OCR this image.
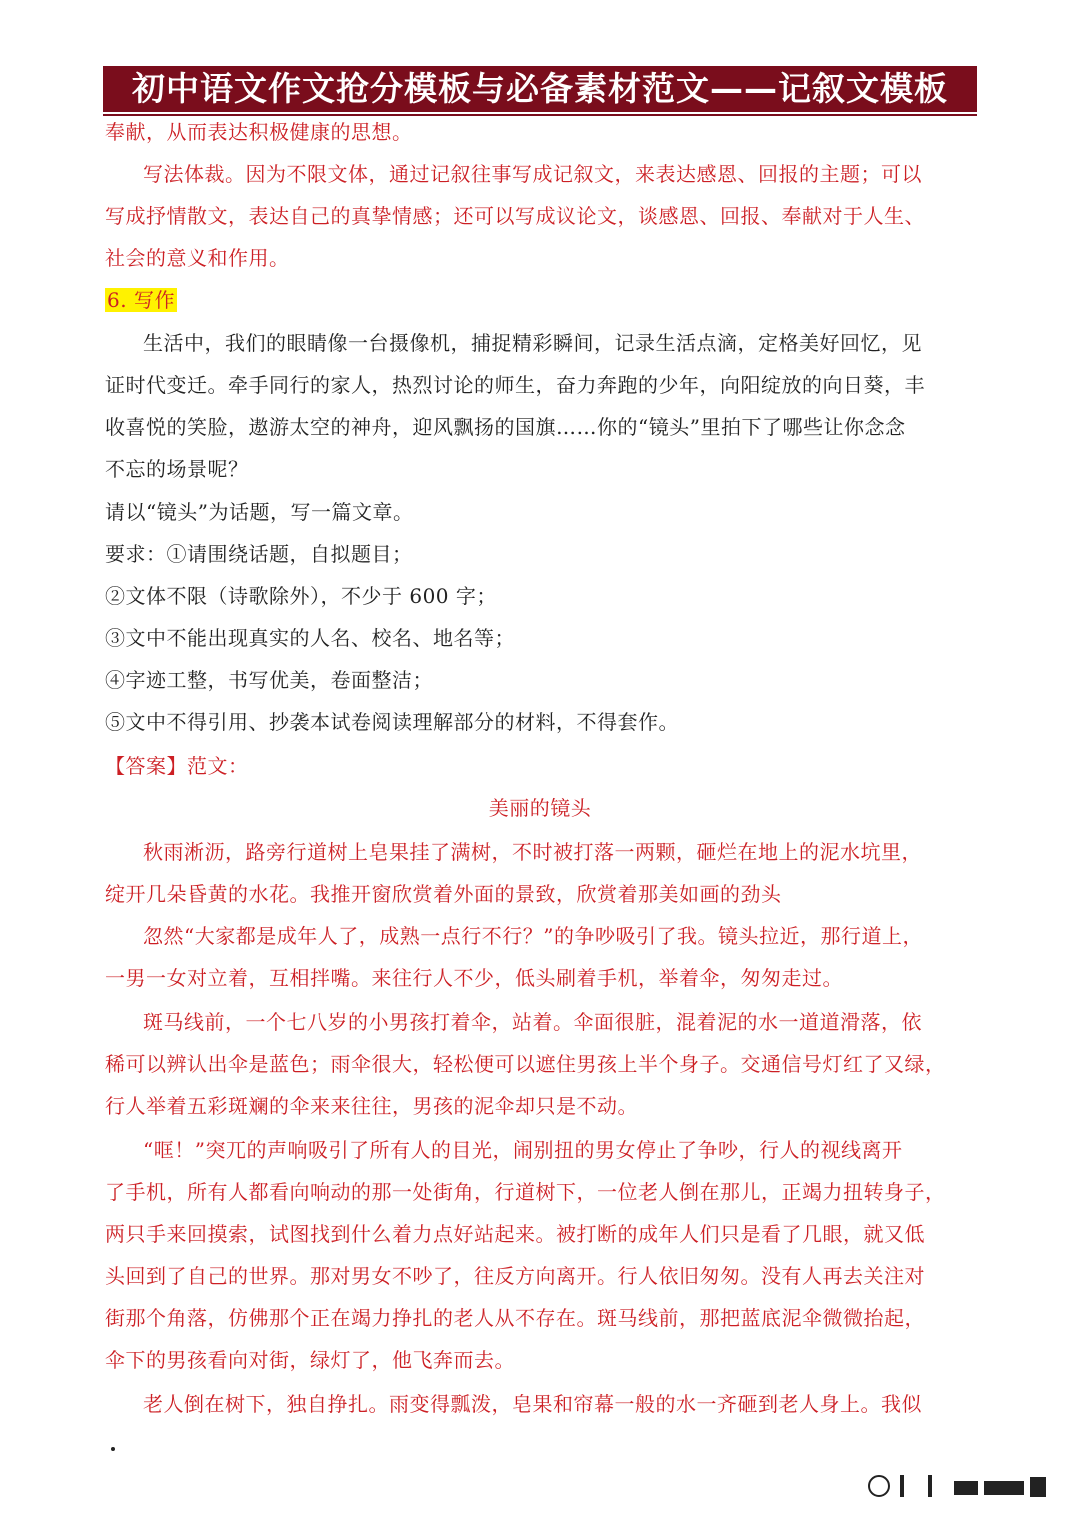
初中语文作文抢分模板与必备素材范文——记叙文模板

奉献，从而表达积极健康的思想。

写法体裁。因为不限文体，通过记叙往事写成记叙文，来表达感恩、回报的主题；可以

写成抒情散文，表达自己的真挚情感；还可以写成议论文，谈感恩、回报、奉献对于人生、

社会的意义和作用。

6. 写作

生活中，我们的眼睛像一台摄像机，捕捉精彩瞬间，记录生活点滴，定格美好回忆，见

证时代变迁。牵手同行的家人，热烈讨论的师生，奋力奔跑的少年，向阳绽放的向日葵，丰

收喜悦的笑脸，遨游太空的神舟，迎风飘扬的国旗……你的“镜头”里拍下了哪些让你念念

不忘的场景呢？

请以“镜头”为话题，写一篇文章。

要求：①请围绕话题，自拟题目；

②文体不限（诗歌除外），不少于 600 字；

③文中不能出现真实的人名、校名、地名等；

④字迹工整，书写优美，卷面整洁；

⑤文中不得引用、抄袭本试卷阅读理解部分的材料，不得套作。

【答案】范文：

美丽的镜头

秋雨淅沥，路旁行道树上皂果挂了满树，不时被打落一两颗，砸烂在地上的泥水坑里，

绽开几朵昏黄的水花。我推开窗欣赏着外面的景致，欣赏着那美如画的劲头

忽然“大家都是成年人了，成熟一点行不行？”的争吵吸引了我。镜头拉近，那行道上，

一男一女对立着，互相拌嘴。来往行人不少，低头刷着手机，举着伞，匆匆走过。

斑马线前，一个七八岁的小男孩打着伞，站着。伞面很脏，混着泥的水一道道滑落，依

稀可以辨认出伞是蓝色；雨伞很大，轻松便可以遮住男孩上半个身子。交通信号灯红了又绿，

行人举着五彩斑斓的伞来来往往，男孩的泥伞却只是不动。

“哐！”突兀的声响吸引了所有人的目光，闹别扭的男女停止了争吵，行人的视线离开

了手机，所有人都看向响动的那一处街角，行道树下，一位老人倒在那儿，正竭力扭转身子，

两只手来回摸索，试图找到什么着力点好站起来。被打断的成年人们只是看了几眼，就又低

头回到了自己的世界。那对男女不吵了，往反方向离开。行人依旧匆匆。没有人再去关注对

街那个角落，仿佛那个正在竭力挣扎的老人从不存在。斑马线前，那把蓝底泥伞微微抬起，

伞下的男孩看向对街，绿灯了，他飞奔而去。

老人倒在树下，独自挣扎。雨变得瓢泼，皂果和帘幕一般的水一齐砸到老人身上。我似
